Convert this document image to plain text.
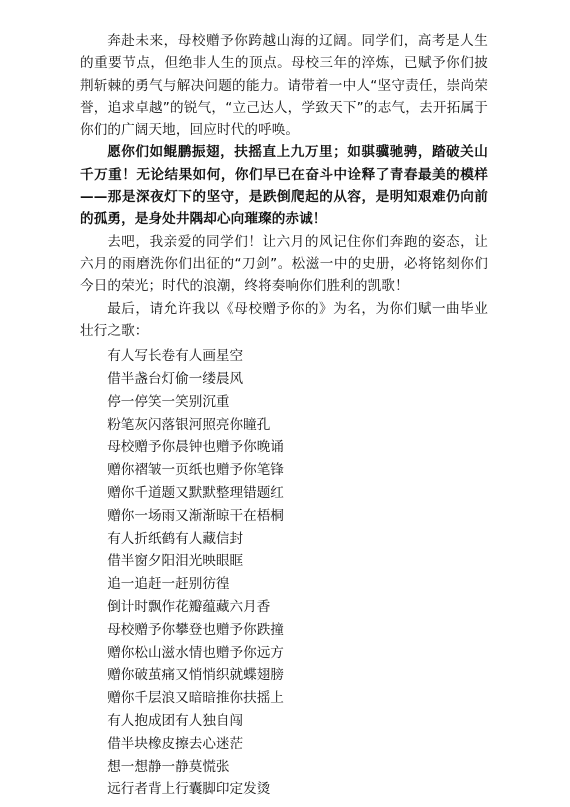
奔赴未来，母校赠予你跨越山海的辽阔。同学们，高考是人生的重要节点，但绝非人生的顶点。母校三年的淬炼，已赋予你们披荆斩棘的勇气与解决问题的能力。请带着一中人“坚守责任，崇尚荣誉，追求卓越”的锐气，“立己达人，学致天下”的志气，去开拓属于你们的广阔天地，回应时代的呼唤。

愿你们如鲲鹏振翅，扶摇直上九万里；如骐骥驰骋，踏破关山千万重！无论结果如何，你们早已在奋斗中诠释了青春最美的模样——那是深夜灯下的坚守，是跌倒爬起的从容，是明知艰难仍向前的孤勇，是身处井隅却心向璀璨的赤诚！

去吧，我亲爱的同学们！让六月的风记住你们奔跑的姿态，让六月的雨磨洗你们出征的“刀剑”。松滋一中的史册，必将铭刻你们今日的荣光；时代的浪潮，终将奏响你们胜利的凯歌！

最后，请允许我以《母校赠予你的》为名，为你们赋一曲毕业壮行之歌：

有人写长卷有人画星空
借半盏台灯偷一缕晨风
停一停笑一笑别沉重
粉笔灰闪落银河照亮你瞳孔
母校赠予你晨钟也赠予你晚诵
赠你褶皱一页纸也赠予你笔锋
赠你千道题又默默整理错题红
赠你一场雨又渐渐晾干在梧桐
有人折纸鹤有人藏信封
借半窗夕阳泪光映眼眶
追一追赶一赶别彷徨
倒计时飘作花瓣蕴藏六月香
母校赠予你攀登也赠予你跌撞
赠你松山滋水情也赠予你远方
赠你破茧痛又悄悄织就蝶翅膀
赠你千层浪又暗暗推你扶摇上
有人抱成团有人独自闯
借半块橡皮擦去心迷茫
想一想静一静莫慌张
远行者背上行囊脚印定发烫
